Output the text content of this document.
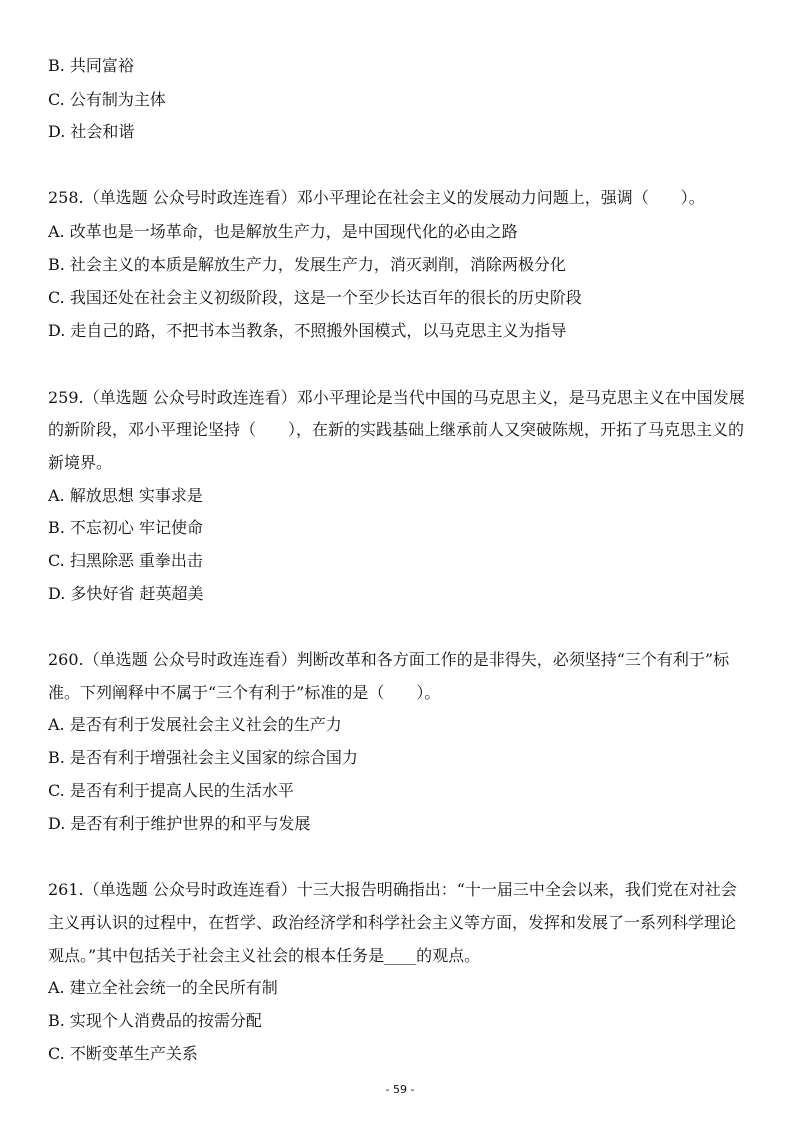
B. 共同富裕
C. 公有制为主体
D. 社会和谐
258.（单选题 公众号时政连连看）邓小平理论在社会主义的发展动力问题上，强调（　　）。
A. 改革也是一场革命，也是解放生产力，是中国现代化的必由之路
B. 社会主义的本质是解放生产力，发展生产力，消灭剥削，消除两极分化
C. 我国还处在社会主义初级阶段，这是一个至少长达百年的很长的历史阶段
D. 走自己的路，不把书本当教条，不照搬外国模式，以马克思主义为指导
259.（单选题 公众号时政连连看）邓小平理论是当代中国的马克思主义，是马克思主义在中国发展
的新阶段，邓小平理论坚持（　　），在新的实践基础上继承前人又突破陈规，开拓了马克思主义的
新境界。
A. 解放思想 实事求是
B. 不忘初心 牢记使命
C. 扫黑除恶 重拳出击
D. 多快好省 赶英超美
260.（单选题 公众号时政连连看）判断改革和各方面工作的是非得失，必须坚持“三个有利于”标
准。下列阐释中不属于“三个有利于”标准的是（　　）。
A. 是否有利于发展社会主义社会的生产力
B. 是否有利于增强社会主义国家的综合国力
C. 是否有利于提高人民的生活水平
D. 是否有利于维护世界的和平与发展
261.（单选题 公众号时政连连看）十三大报告明确指出：“十一届三中全会以来，我们党在对社会
主义再认识的过程中，在哲学、政治经济学和科学社会主义等方面，发挥和发展了一系列科学理论
观点。”其中包括关于社会主义社会的根本任务是____的观点。
A. 建立全社会统一的全民所有制
B. 实现个人消费品的按需分配
C. 不断变革生产关系
- 59 -
